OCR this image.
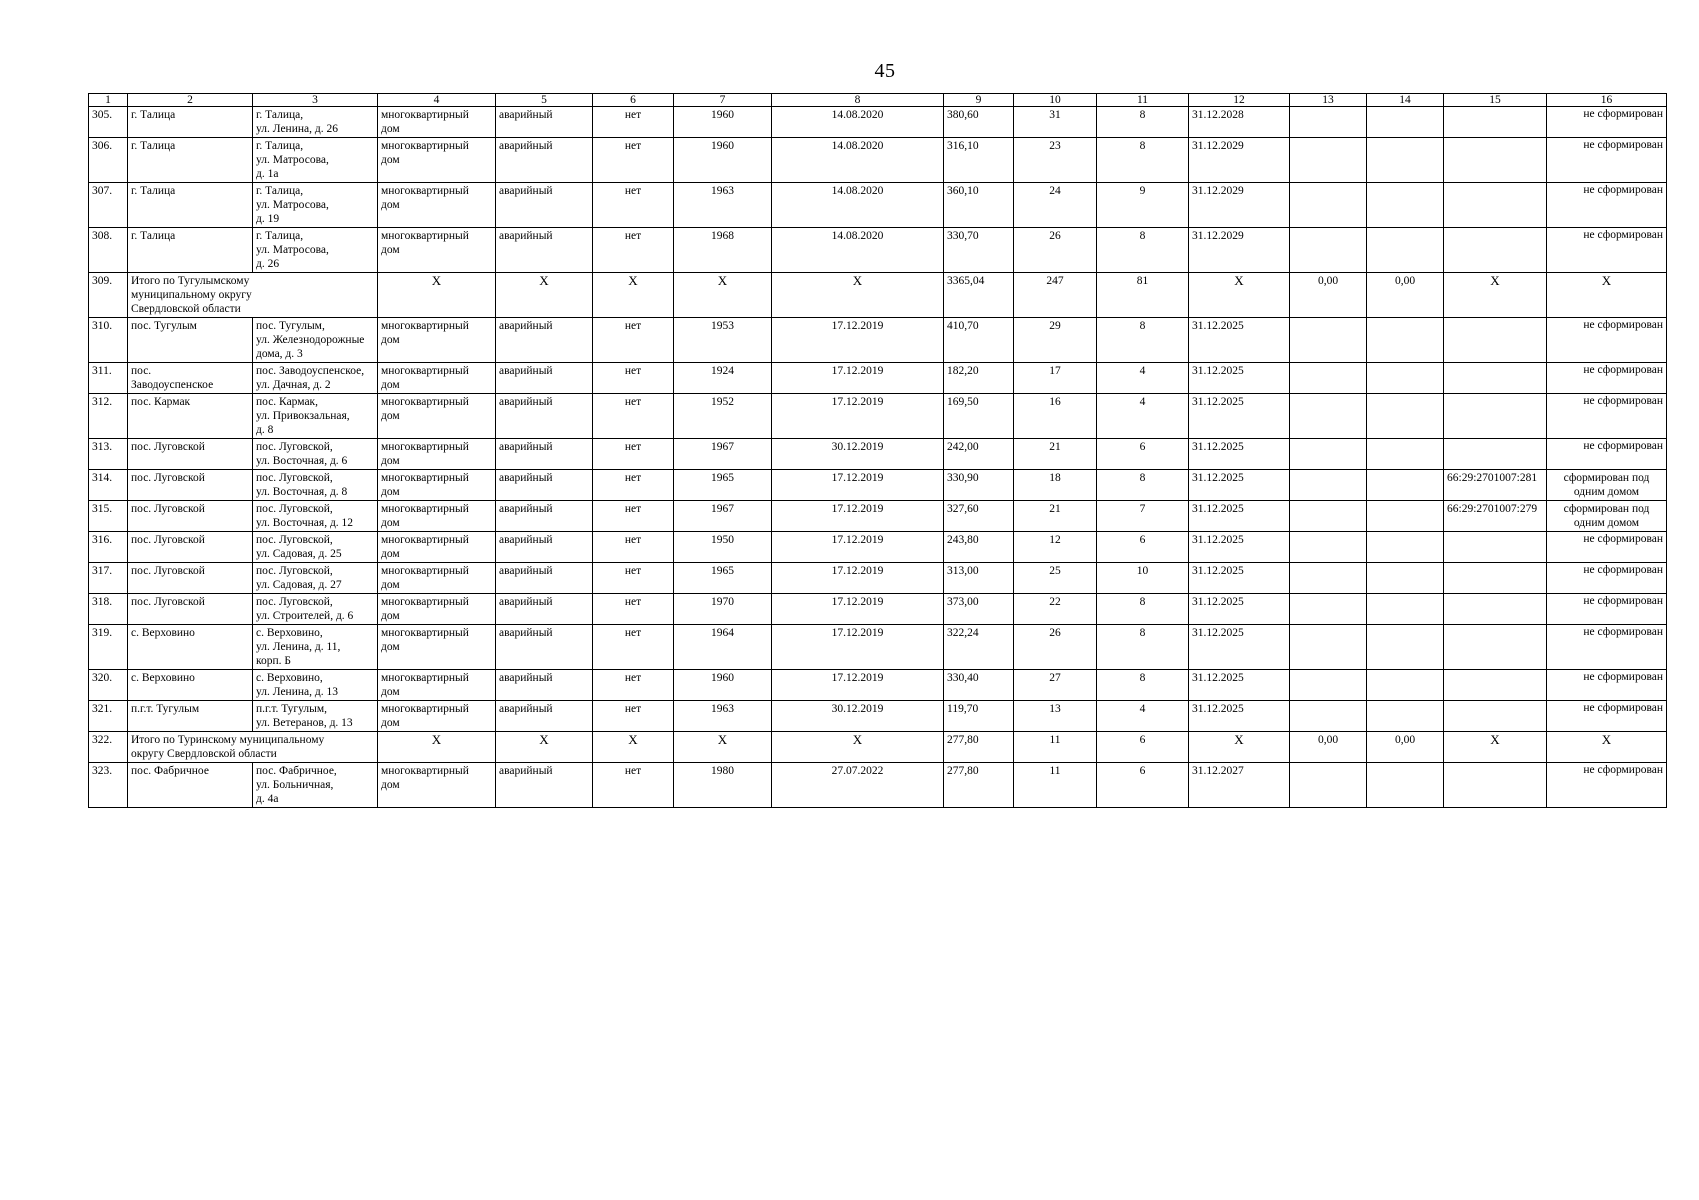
45
1	2	3	4	5	6	7	8	9	10	11	12	13	14	15	16
305.	г. Талица	г. Талица,
ул. Ленина, д. 26	многоквартирный
дом	аварийный	нет	1960	14.08.2020	380,60	31	8	31.12.2028				не сформирован
306.	г. Талица	г. Талица,
ул. Матросова,
д. 1а	многоквартирный
дом	аварийный	нет	1960	14.08.2020	316,10	23	8	31.12.2029				не сформирован
307.	г. Талица	г. Талица,
ул. Матросова,
д. 19	многоквартирный
дом	аварийный	нет	1963	14.08.2020	360,10	24	9	31.12.2029				не сформирован
308.	г. Талица	г. Талица,
ул. Матросова,
д. 26	многоквартирный
дом	аварийный	нет	1968	14.08.2020	330,70	26	8	31.12.2029				не сформирован
309.	Итого по Тугулымскому
муниципальному округу
Свердловской области		X	X	X	X	X	3365,04	247	81	X	0,00	0,00	X	X
310.	пос. Тугулым	пос. Тугулым,
ул. Железнодорожные
дома, д. 3	многоквартирный
дом	аварийный	нет	1953	17.12.2019	410,70	29	8	31.12.2025				не сформирован
311.	пос.
Заводоуспенское	пос. Заводоуспенское,
ул. Дачная, д. 2	многоквартирный
дом	аварийный	нет	1924	17.12.2019	182,20	17	4	31.12.2025				не сформирован
312.	пос. Кармак	пос. Кармак,
ул. Привокзальная,
д. 8	многоквартирный
дом	аварийный	нет	1952	17.12.2019	169,50	16	4	31.12.2025				не сформирован
313.	пос. Луговской	пос. Луговской,
ул. Восточная, д. 6	многоквартирный
дом	аварийный	нет	1967	30.12.2019	242,00	21	6	31.12.2025				не сформирован
314.	пос. Луговской	пос. Луговской,
ул. Восточная, д. 8	многоквартирный
дом	аварийный	нет	1965	17.12.2019	330,90	18	8	31.12.2025			66:29:2701007:281	сформирован под
одним домом
315.	пос. Луговской	пос. Луговской,
ул. Восточная, д. 12	многоквартирный
дом	аварийный	нет	1967	17.12.2019	327,60	21	7	31.12.2025			66:29:2701007:279	сформирован под
одним домом
316.	пос. Луговской	пос. Луговской,
ул. Садовая, д. 25	многоквартирный
дом	аварийный	нет	1950	17.12.2019	243,80	12	6	31.12.2025				не сформирован
317.	пос. Луговской	пос. Луговской,
ул. Садовая, д. 27	многоквартирный
дом	аварийный	нет	1965	17.12.2019	313,00	25	10	31.12.2025				не сформирован
318.	пос. Луговской	пос. Луговской,
ул. Строителей, д. 6	многоквартирный
дом	аварийный	нет	1970	17.12.2019	373,00	22	8	31.12.2025				не сформирован
319.	с. Верховино	с. Верховино,
ул. Ленина, д. 11,
корп. Б	многоквартирный
дом	аварийный	нет	1964	17.12.2019	322,24	26	8	31.12.2025				не сформирован
320.	с. Верховино	с. Верховино,
ул. Ленина, д. 13	многоквартирный
дом	аварийный	нет	1960	17.12.2019	330,40	27	8	31.12.2025				не сформирован
321.	п.г.т. Тугулым	п.г.т. Тугулым,
ул. Ветеранов, д. 13	многоквартирный
дом	аварийный	нет	1963	30.12.2019	119,70	13	4	31.12.2025				не сформирован
322.	Итого по Туринскому муниципальному
округу Свердловской области		X	X	X	X	X	277,80	11	6	X	0,00	0,00	X	X
323.	пос. Фабричное	пос. Фабричное,
ул. Больничная,
д. 4а	многоквартирный
дом	аварийный	нет	1980	27.07.2022	277,80	11	6	31.12.2027				не сформирован
